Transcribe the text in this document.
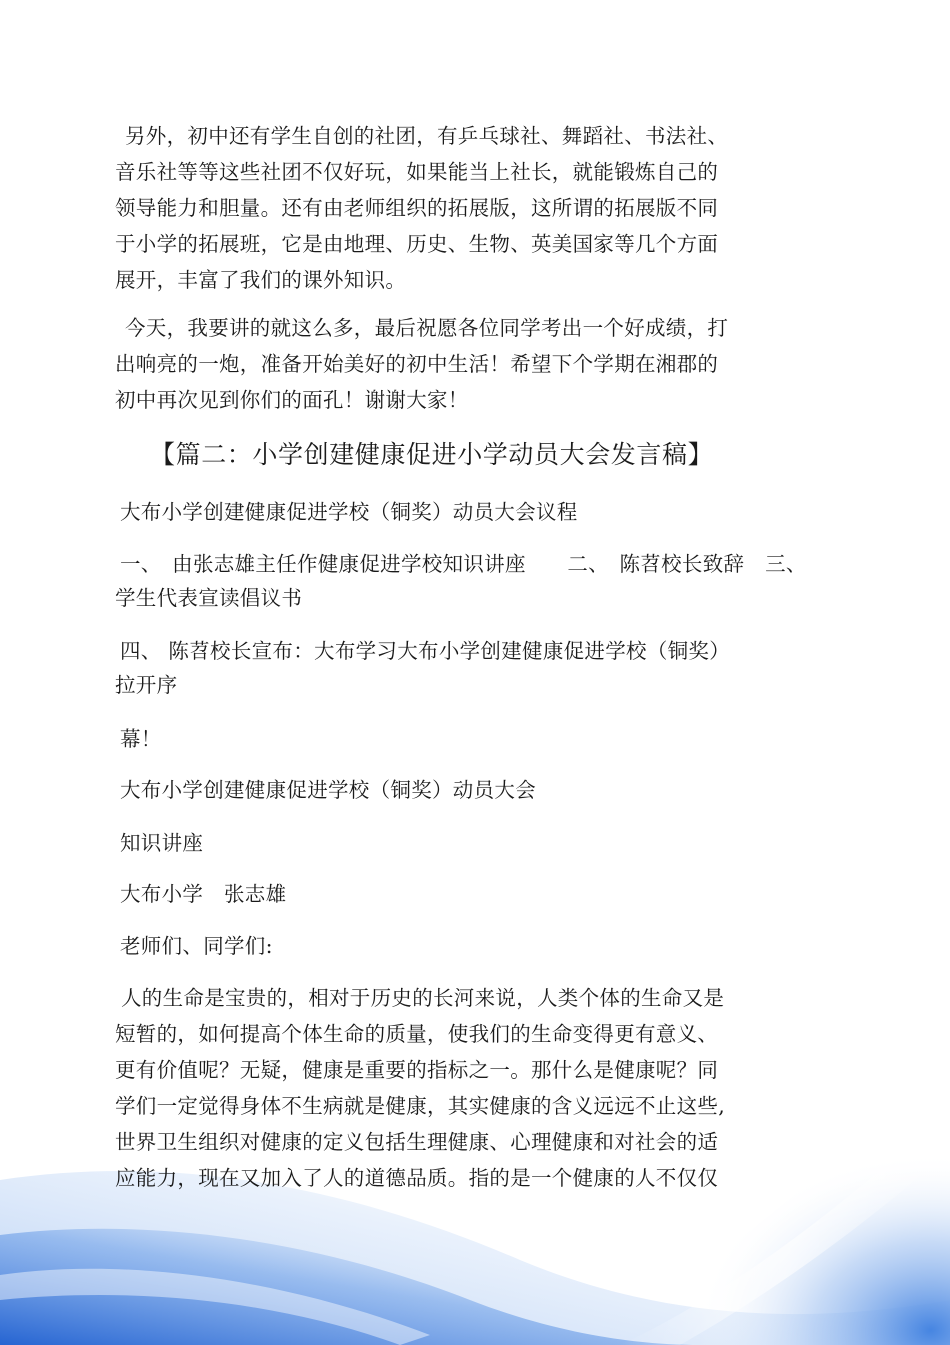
另外，初中还有学生自创的社团，有乒乓球社、舞蹈社、书法社、
音乐社等等这些社团不仅好玩，如果能当上社长，就能锻炼自己的
领导能力和胆量。还有由老师组织的拓展版，这所谓的拓展版不同
于小学的拓展班，它是由地理、历史、生物、英美国家等几个方面
展开，丰富了我们的课外知识。

今天，我要讲的就这么多，最后祝愿各位同学考出一个好成绩，打
出响亮的一炮，准备开始美好的初中生活！希望下个学期在湘郡的
初中再次见到你们的面孔！谢谢大家！

【篇二：小学创建健康促进小学动员大会发言稿】

大布小学创建健康促进学校（铜奖）动员大会议程

一、　由张志雄主任作健康促进学校知识讲座　　二、　陈苕校长致辞　三、

学生代表宣读倡议书

四、 陈苕校长宣布：大布学习大布小学创建健康促进学校（铜奖）

拉开序

幕！

大布小学创建健康促进学校（铜奖）动员大会

知识讲座

大布小学　张志雄

老师们、同学们:

人的生命是宝贵的，相对于历史的长河来说，人类个体的生命又是
短暂的，如何提高个体生命的质量，使我们的生命变得更有意义、
更有价值呢？无疑，健康是重要的指标之一。那什么是健康呢？同
学们一定觉得身体不生病就是健康，其实健康的含义远远不止这些,
世界卫生组织对健康的定义包括生理健康、心理健康和对社会的适
应能力，现在又加入了人的道德品质。指的是一个健康的人不仅仅
